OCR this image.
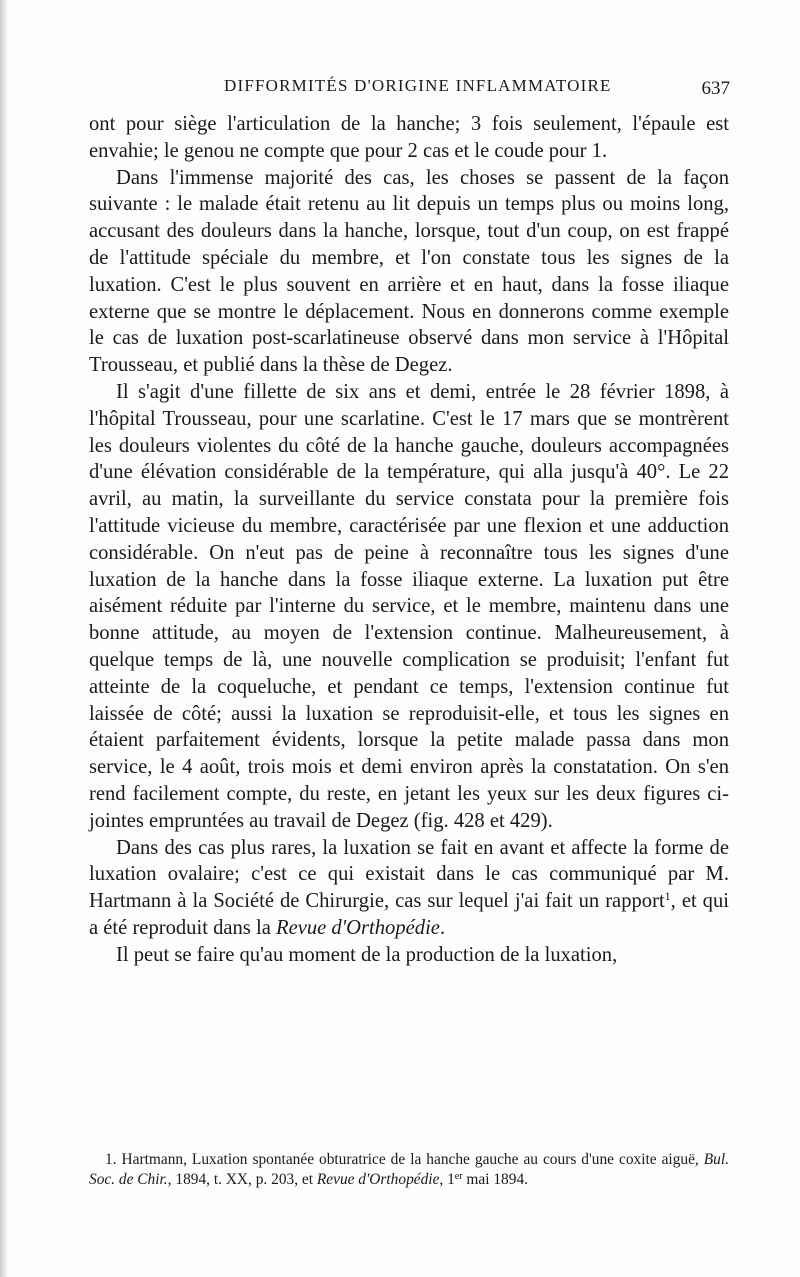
DIFFORMITÉS D'ORIGINE INFLAMMATOIRE	637

ont pour siège l'articulation de la hanche; 3 fois seulement, l'épaule est envahie; le genou ne compte que pour 2 cas et le coude pour 1.

Dans l'immense majorité des cas, les choses se passent de la façon suivante : le malade était retenu au lit depuis un temps plus ou moins long, accusant des douleurs dans la hanche, lorsque, tout d'un coup, on est frappé de l'attitude spéciale du membre, et l'on constate tous les signes de la luxation. C'est le plus souvent en arrière et en haut, dans la fosse iliaque externe que se montre le déplacement. Nous en donnerons comme exemple le cas de luxation post-scarlatineuse observé dans mon service à l'Hôpital Trousseau, et publié dans la thèse de Degez.

Il s'agit d'une fillette de six ans et demi, entrée le 28 février 1898, à l'hôpital Trousseau, pour une scarlatine. C'est le 17 mars que se montrèrent les douleurs violentes du côté de la hanche gauche, douleurs accompagnées d'une élévation considérable de la température, qui alla jusqu'à 40°. Le 22 avril, au matin, la surveillante du service constata pour la première fois l'attitude vicieuse du membre, caractérisée par une flexion et une adduction considérable. On n'eut pas de peine à reconnaître tous les signes d'une luxation de la hanche dans la fosse iliaque externe. La luxation put être aisément réduite par l'interne du service, et le membre, maintenu dans une bonne attitude, au moyen de l'extension continue. Malheureusement, à quelque temps de là, une nouvelle complication se produisit; l'enfant fut atteinte de la coqueluche, et pendant ce temps, l'extension continue fut laissée de côté; aussi la luxation se reproduisit-elle, et tous les signes en étaient parfaitement évidents, lorsque la petite malade passa dans mon service, le 4 août, trois mois et demi environ après la constatation. On s'en rend facilement compte, du reste, en jetant les yeux sur les deux figures ci-jointes empruntées au travail de Degez (fig. 428 et 429).

Dans des cas plus rares, la luxation se fait en avant et affecte la forme de luxation ovalaire; c'est ce qui existait dans le cas communiqué par M. Hartmann à la Société de Chirurgie, cas sur lequel j'ai fait un rapport$^1$, et qui a été reproduit dans la Revue d'Orthopédie.

Il peut se faire qu'au moment de la production de la luxation,

1. Hartmann, Luxation spontanée obturatrice de la hanche gauche au cours d'une coxite aiguë, Bul. Soc. de Chir., 1894, t. XX, p. 203, et Revue d'Orthopédie, 1er mai 1894.
